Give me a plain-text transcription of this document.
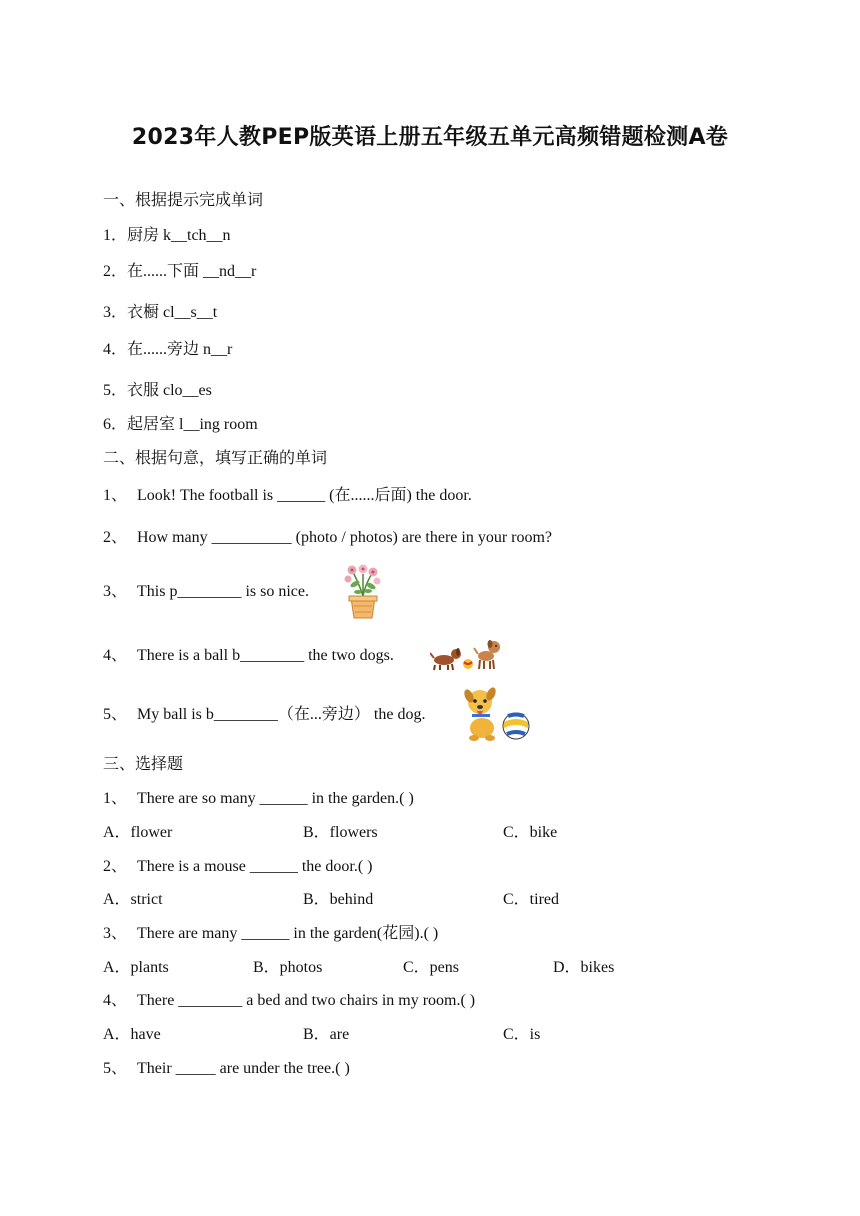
2023年人教PEP版英语上册五年级五单元高频错题检测A卷
一、根据提示完成单词
1．厨房 k__tch__n
2．在......下面 __nd__r
3．衣橱 cl__s__t
4．在......旁边 n__r
5．衣服 clo__es
6．起居室 l__ing room
二、根据句意，填写正确的单词
1、 Look! The football is ______ (在......后面) the door.
2、 How many __________ (photo / photos) are there in your room?
3、 This p________ is so nice.
4、 There is a ball b________ the two dogs.
5、 My ball is b________（在...旁边） the dog.
三、选择题
1、 There are so many ______ in the garden.( )
A．flower	B．flowers	C．bike
2、 There is a mouse ______ the door.( )
A．strict	B．behind	C．tired
3、 There are many ______ in the garden(花园).( )
A．plants	B．photos	C．pens	D．bikes
4、 There ________ a bed and two chairs in my room.( )
A．have	B．are	C．is
5、 Their _____ are under the tree.( )
